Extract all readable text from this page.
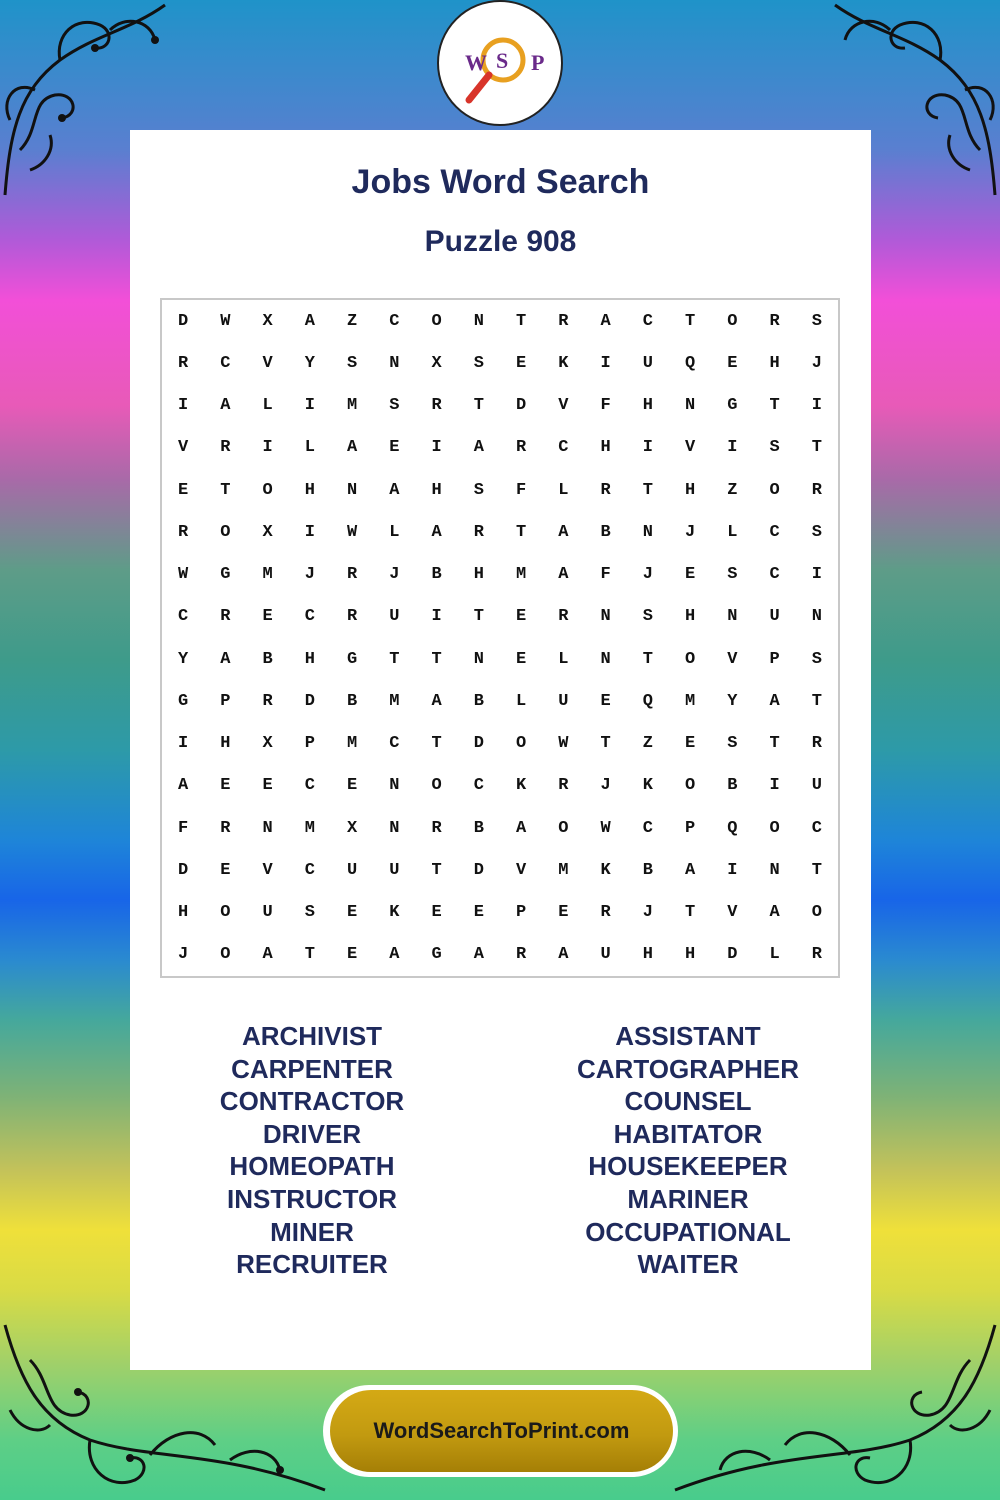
W S P
Jobs Word Search
Puzzle 908
D	W	X	A	Z	C	O	N	T	R	A	C	T	O	R	S
R	C	V	Y	S	N	X	S	E	K	I	U	Q	E	H	J
I	A	L	I	M	S	R	T	D	V	F	H	N	G	T	I
V	R	I	L	A	E	I	A	R	C	H	I	V	I	S	T
E	T	O	H	N	A	H	S	F	L	R	T	H	Z	O	R
R	O	X	I	W	L	A	R	T	A	B	N	J	L	C	S
W	G	M	J	R	J	B	H	M	A	F	J	E	S	C	I
C	R	E	C	R	U	I	T	E	R	N	S	H	N	U	N
Y	A	B	H	G	T	T	N	E	L	N	T	O	V	P	S
G	P	R	D	B	M	A	B	L	U	E	Q	M	Y	A	T
I	H	X	P	M	C	T	D	O	W	T	Z	E	S	T	R
A	E	E	C	E	N	O	C	K	R	J	K	O	B	I	U
F	R	N	M	X	N	R	B	A	O	W	C	P	Q	O	C
D	E	V	C	U	U	T	D	V	M	K	B	A	I	N	T
H	O	U	S	E	K	E	E	P	E	R	J	T	V	A	O
J	O	A	T	E	A	G	A	R	A	U	H	H	D	L	R
ARCHIVIST
CARPENTER
CONTRACTOR
DRIVER
HOMEOPATH
INSTRUCTOR
MINER
RECRUITER
ASSISTANT
CARTOGRAPHER
COUNSEL
HABITATOR
HOUSEKEEPER
MARINER
OCCUPATIONAL
WAITER
WordSearchToPrint.com
